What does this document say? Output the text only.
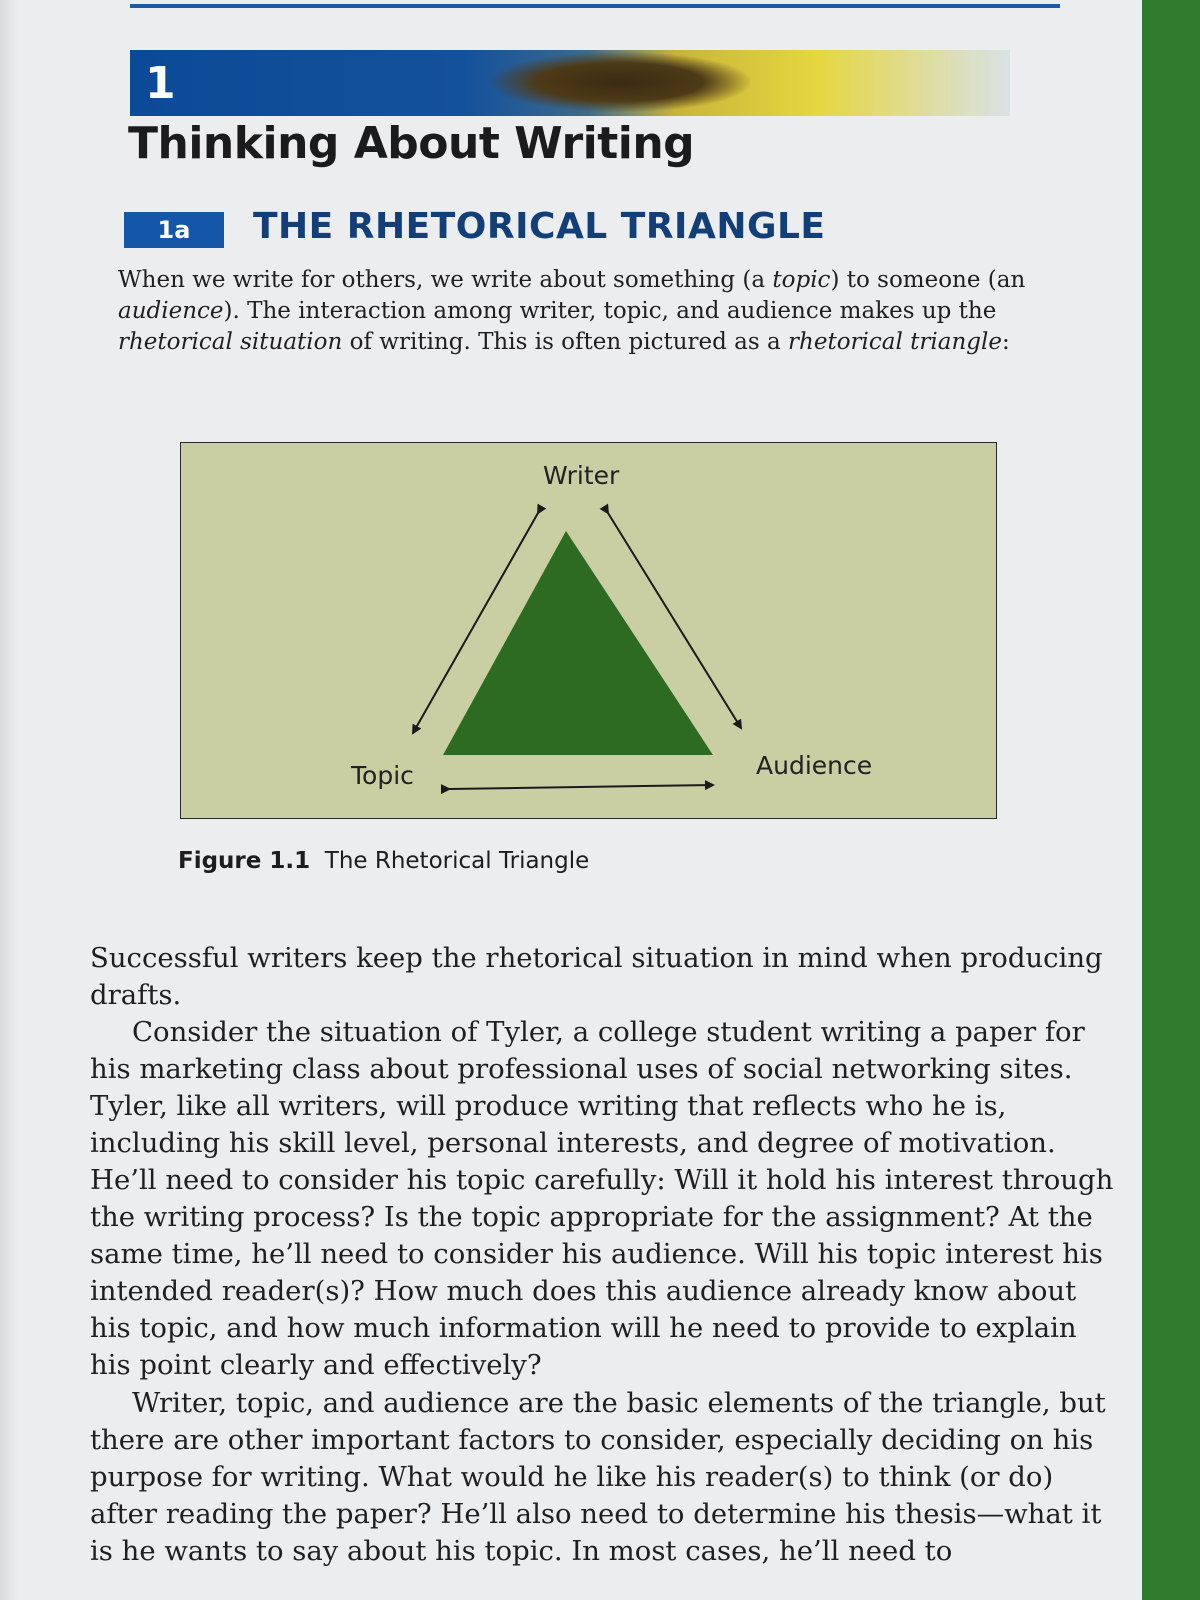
1
Thinking About Writing
1a	THE RHETORICAL TRIANGLE

When we write for others, we write about something (a topic) to someone (an audience). The interaction among writer, topic, and audience makes up the rhetorical situation of writing. This is often pictured as a rhetorical triangle:

Writer
Topic	Audience
Figure 1.1 The Rhetorical Triangle

Successful writers keep the rhetorical situation in mind when producing drafts.

Consider the situation of Tyler, a college student writing a paper for his marketing class about professional uses of social networking sites. Tyler, like all writers, will produce writing that reflects who he is, including his skill level, personal interests, and degree of motivation. He’ll need to consider his topic carefully: Will it hold his interest through the writing process? Is the topic appropriate for the assignment? At the same time, he’ll need to consider his audience. Will his topic interest his intended reader(s)? How much does this audience already know about his topic, and how much information will he need to provide to explain his point clearly and effectively?

Writer, topic, and audience are the basic elements of the triangle, but there are other important factors to consider, especially deciding on his purpose for writing. What would he like his reader(s) to think (or do) after reading the paper? He’ll also need to determine his thesis—what it is he wants to say about his topic. In most cases, he’ll need to
